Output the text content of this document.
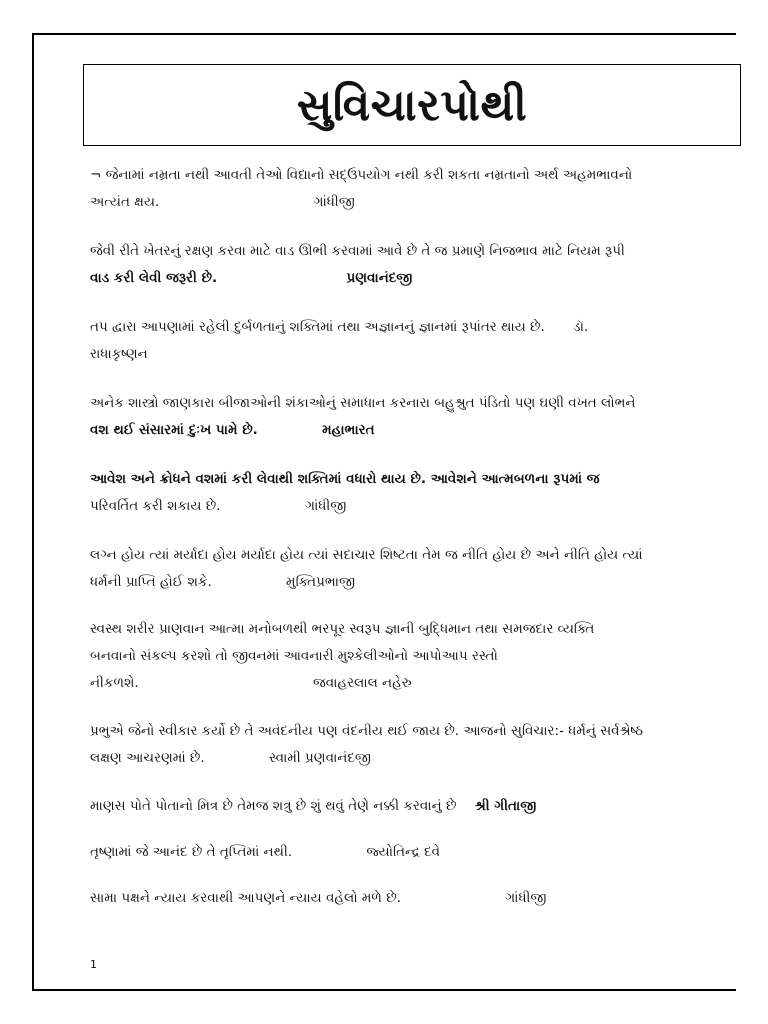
સુવિચારપોથી
¬ જેનામાં નમ્રતા નથી આવતી તેઓ વિદ્યાનો સદ્ઉપયોગ નથી કરી શકતા નમ્રતાનો અર્થ અહમભાવનો
અત્યંત ક્ષય.	ગાંધીજી
જેવી રીતે ખેતરનું રક્ષણ કરવા માટે વાડ ઊભી કરવામાં આવે છે તે જ પ્રમાણે નિજભાવ માટે નિયમ રૂપી
વાડ કરી લેવી જરૂરી છે.	પ્રણવાનંદજી
તપ દ્વારા આપણામાં રહેલી દુર્બળતાનું શક્તિમાં તથા અજ્ઞાનનું જ્ઞાનમાં રૂપાંતર થાય છે. ડૉ.
રાધાકૃષ્ણન
અનેક શાસ્ત્રો જાણકારા બીજાઓની શંકાઓનું સમાધાન કરનારા બહુશ્રુત પંડિતો પણ ઘણી વખત લોભને
વશ થઈ સંસારમાં દુઃખ પામે છે.	મહાભારત
આવેશ અને ક્રોધને વશમાં કરી લેવાથી શક્તિમાં વધારો થાય છે. આવેશને આત્મબળના રૂપમાં જ
પરિવર્તિત કરી શકાય છે.	ગાંધીજી
લગ્ન હોય ત્યાં મર્યાદા હોય મર્યાદા હોય ત્યાં સદાચાર શિષ્ટતા તેમ જ નીતિ હોય છે અને નીતિ હોય ત્યાં
ધર્મની પ્રાપ્તિ હોઈ શકે.	મુક્તિપ્રભાજી
સ્વસ્થ શરીર પ્રાણવાન આત્મા મનોબળથી ભરપૂર સ્વરૂપ જ્ઞાની બુદ્ધિમાન તથા સમજદાર વ્યક્તિ
બનવાનો સંકલ્પ કરશો તો જીવનમાં આવનારી મુશ્કેલીઓનો આપોઆપ રસ્તો
નીકળશે.	જવાહરલાલ નહેરુ
પ્રભુએ જેનો સ્વીકાર કર્યો છે તે અવંદનીય પણ વંદનીય થઈ જાય છે. આજનો સુવિચાર:- ધર્મનું સર્વશ્રેષ્ઠ
લક્ષણ આચરણમાં છે.	સ્વામી પ્રણવાનંદજી
માણસ પોતે પોતાનો મિત્ર છે તેમજ શત્રુ છે શું થવું તેણે નક્કી કરવાનું છે શ્રી ગીતાજી
તૃષ્ણામાં જે આનંદ છે તે તૃપ્તિમાં નથી.	જ્યોતિન્દ્ર દવે
સામા પક્ષને ન્યાય કરવાથી આપણને ન્યાય વહેલો મળે છે.	ગાંધીજી
1
